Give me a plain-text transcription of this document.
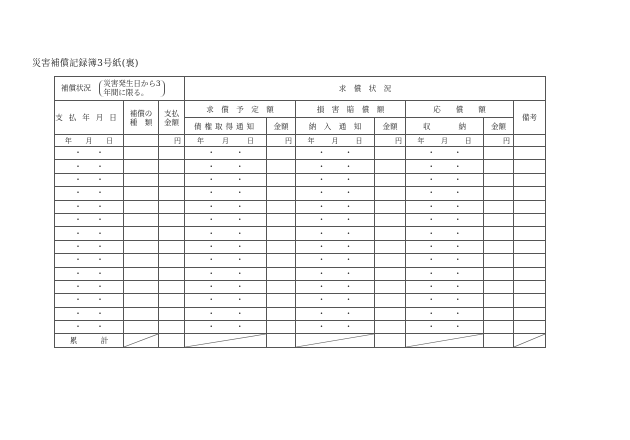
災害補償記録簿3号紙(裏)
補償状況 災害発生日から3
年間に限る。			求　償　状　況						
支払年月日	補償の
種　類	支払
金額	求　償　予　定　額		損　害　賠　償　額		応　　償　　額		備考
			債権取得通知	金額	納　入　通　知	金額	収 納	金額	

年 月 日		円	年 月 日	円	年 月 日	円	年 月 日	円	

・ ・			・ ・		・ ・		・ ・		

・ ・			・ ・		・ ・		・ ・		

・ ・			・ ・		・ ・		・ ・		

・ ・			・ ・		・ ・		・ ・		

・ ・			・ ・		・ ・		・ ・		

・ ・			・ ・		・ ・		・ ・		

・ ・			・ ・		・ ・		・ ・		

・ ・			・ ・		・ ・		・ ・		

・ ・			・ ・		・ ・		・ ・		

・ ・			・ ・		・ ・		・ ・		

・ ・			・ ・		・ ・		・ ・		

・ ・			・ ・		・ ・		・ ・		

・ ・			・ ・		・ ・		・ ・		

・ ・			・ ・		・ ・		・ ・		

累 計
